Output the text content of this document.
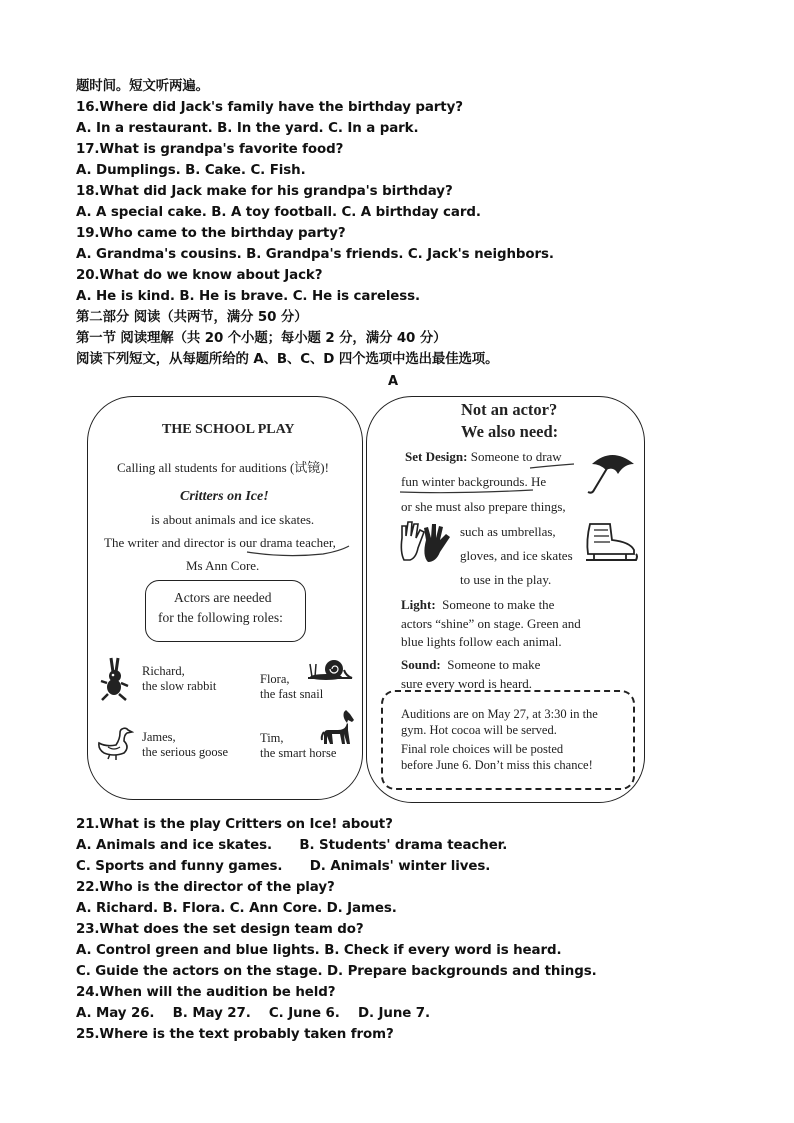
题时间。短文听两遍。
16.Where did Jack's family have the birthday party?
A. In a restaurant. B. In the yard. C. In a park.
17.What is grandpa's favorite food?
A. Dumplings. B. Cake. C. Fish.
18.What did Jack make for his grandpa's birthday?
A. A special cake. B. A toy football. C. A birthday card.
19.Who came to the birthday party?
A. Grandma's cousins. B. Grandpa's friends. C. Jack's neighbors.
20.What do we know about Jack?
A. He is kind. B. He is brave. C. He is careless.
第二部分 阅读（共两节，满分 50 分）
第一节 阅读理解（共 20 个小题；每小题 2 分，满分 40 分）
阅读下列短文，从每题所给的 A、B、C、D 四个选项中选出最佳选项。
A
THE SCHOOL PLAY
Calling all students for auditions (试镜)!
Critters on Ice!
is about animals and ice skates.
The writer and director is our drama teacher,
Ms Ann Core.
Actors are needed
for the following roles:
Richard,
the slow rabbit	Flora,
the fast snail
James,
the serious goose
Tim,
the smart horse
Not an actor?
We also need:
Set Design: Someone to draw
fun winter backgrounds. He
or she must also prepare things,
such as umbrellas,
gloves, and ice skates
to use in the play.
Light: Someone to make the
actors “shine” on stage. Green and
blue lights follow each animal.
Sound: Someone to make
sure every word is heard.
Auditions are on May 27, at 3:30 in the
gym. Hot cocoa will be served.
Final role choices will be posted
before June 6. Don’t miss this chance!
21.What is the play Critters on Ice! about?
A. Animals and ice skates.      B. Students' drama teacher.
C. Sports and funny games.      D. Animals' winter lives.
22.Who is the director of the play?
A. Richard. B. Flora. C. Ann Core. D. James.
23.What does the set design team do?
A. Control green and blue lights. B. Check if every word is heard.
C. Guide the actors on the stage. D. Prepare backgrounds and things.
24.When will the audition be held?
A. May 26.    B. May 27.    C. June 6.    D. June 7.
25.Where is the text probably taken from?
